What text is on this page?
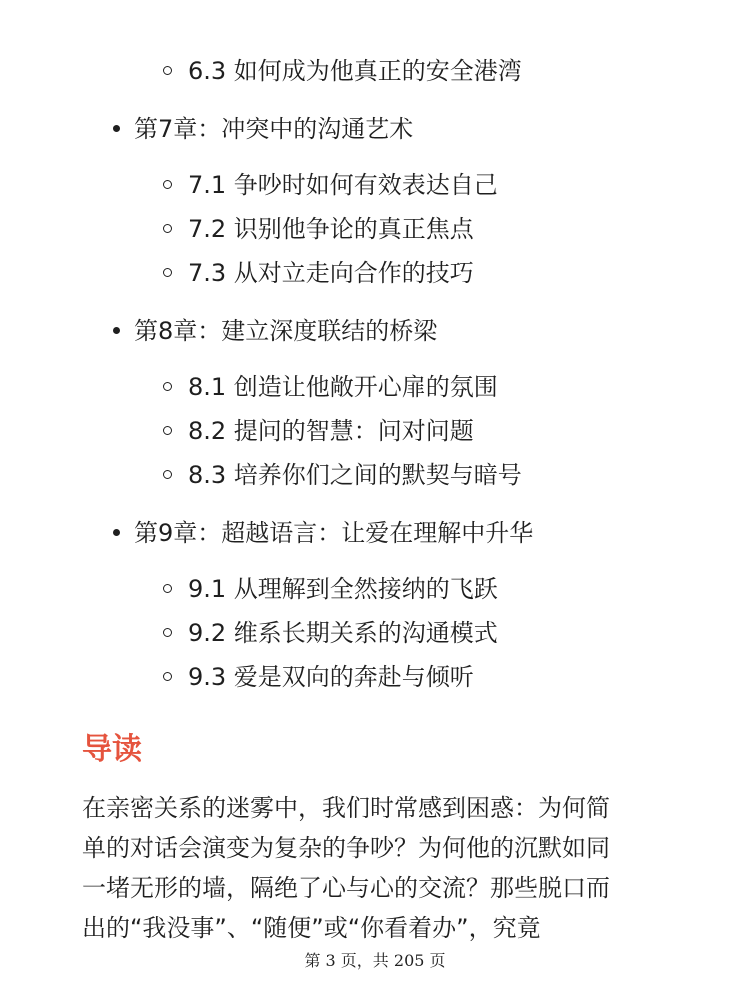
6.3 如何成为他真正的安全港湾
第7章：冲突中的沟通艺术
7.1 争吵时如何有效表达自己
7.2 识别他争论的真正焦点
7.3 从对立走向合作的技巧
第8章：建立深度联结的桥梁
8.1 创造让他敞开心扉的氛围
8.2 提问的智慧：问对问题
8.3 培养你们之间的默契与暗号
第9章：超越语言：让爱在理解中升华
9.1 从理解到全然接纳的飞跃
9.2 维系长期关系的沟通模式
9.3 爱是双向的奔赴与倾听
导读
在亲密关系的迷雾中，我们时常感到困惑：为何简
单的对话会演变为复杂的争吵？为何他的沉默如同
一堵无形的墙，隔绝了心与心的交流？那些脱口而
出的“我没事”、“随便”或“你看着办”，究竟
第 3 页，共 205 页
